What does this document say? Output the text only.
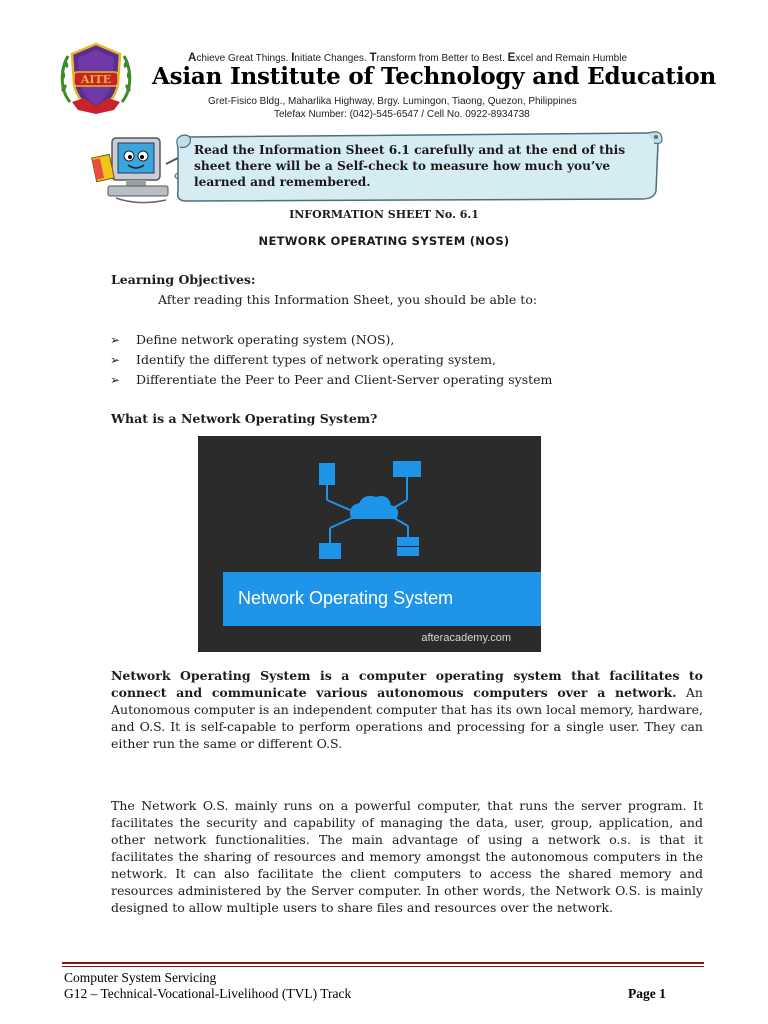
AITE
Achieve Great Things. Initiate Changes. Transform from Better to Best. Excel and Remain Humble
Asian Institute of Technology and Education
Gret-Fisico Bldg., Maharlika Highway, Brgy. Lumingon, Tiaong, Quezon, Philippines
Telefax Number: (042)-545-6547 / Cell No. 0922-8934738
Read the Information Sheet 6.1 carefully and at the end of this sheet there will be a Self-check to measure how much you’ve learned and remembered.
INFORMATION SHEET No. 6.1
NETWORK OPERATING SYSTEM (NOS)
Learning Objectives:
After reading this Information Sheet, you should be able to:
➢ Define network operating system (NOS),
➢ Identify the different types of network operating system,
➢ Differentiate the Peer to Peer and Client-Server operating system
What is a Network Operating System?
Network Operating System
afteracademy.com
Network Operating System is a computer operating system that facilitates to connect and communicate various autonomous computers over a network. An Autonomous computer is an independent computer that has its own local memory, hardware, and O.S. It is self-capable to perform operations and processing for a single user. They can either run the same or different O.S.
The Network O.S. mainly runs on a powerful computer, that runs the server program. It facilitates the security and capability of managing the data, user, group, application, and other network functionalities. The main advantage of using a network o.s. is that it facilitates the sharing of resources and memory amongst the autonomous computers in the network. It can also facilitate the client computers to access the shared memory and resources administered by the Server computer. In other words, the Network O.S. is mainly designed to allow multiple users to share files and resources over the network.
Computer System Servicing
G12 – Technical-Vocational-Livelihood (TVL) Track	Page 1
